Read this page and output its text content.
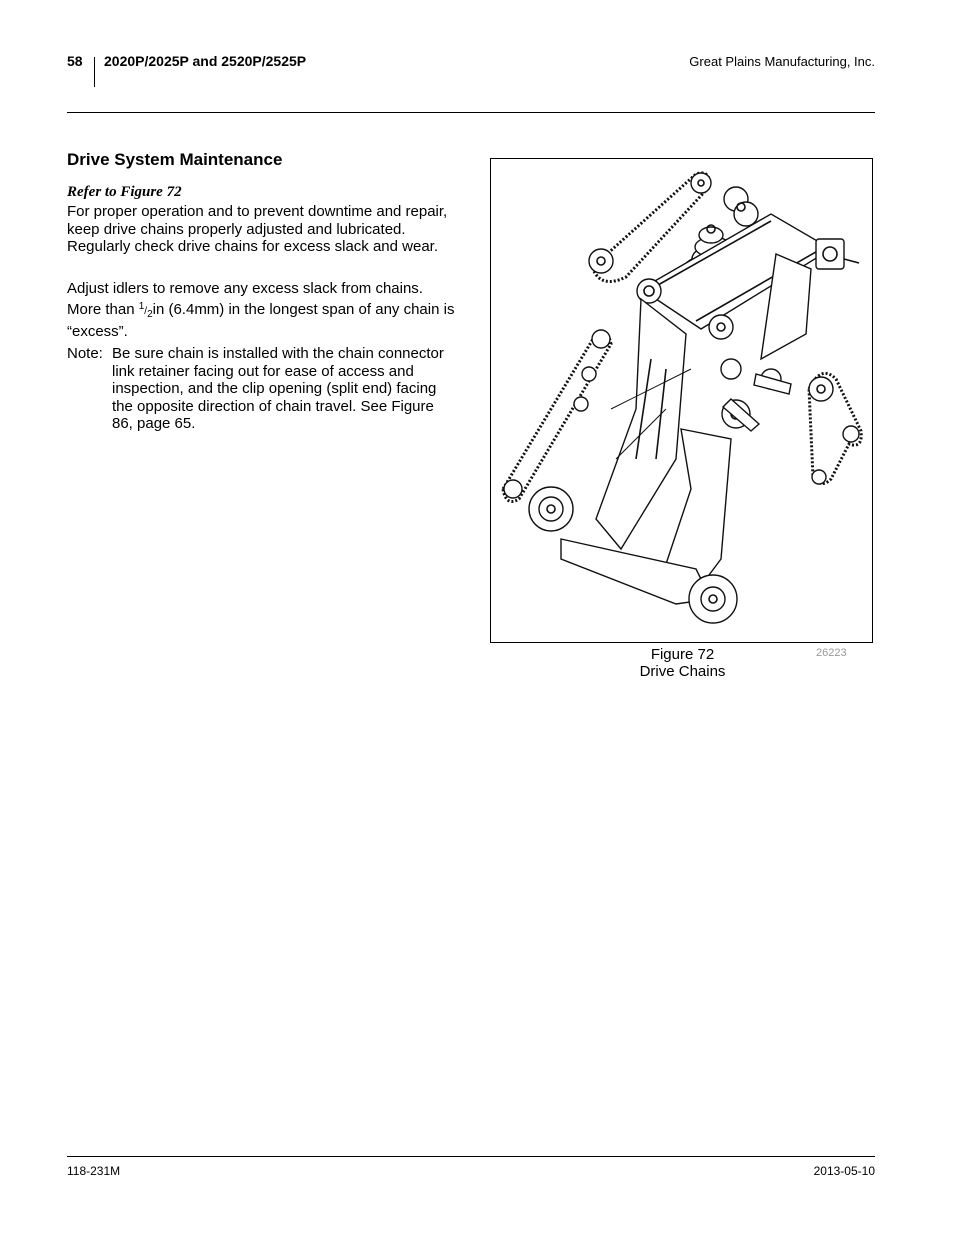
58 2020P/2025P and 2520P/2525P	Great Plains Manufacturing, Inc.
Drive System Maintenance
Refer to Figure 72
For proper operation and to prevent downtime and repair, keep drive chains properly adjusted and lubricated. Regularly check drive chains for excess slack and wear.
Adjust idlers to remove any excess slack from chains. More than $^1/_2in$ (6.4mm) in the longest span of any chain is “excess”.
Note: Be sure chain is installed with the chain connector link retainer facing out for ease of access and inspection, and the clip opening (split end) facing the opposite direction of chain travel. See Figure 86, page 65.
Figure 72
Drive Chains
26223
118-231M	2013-05-10
